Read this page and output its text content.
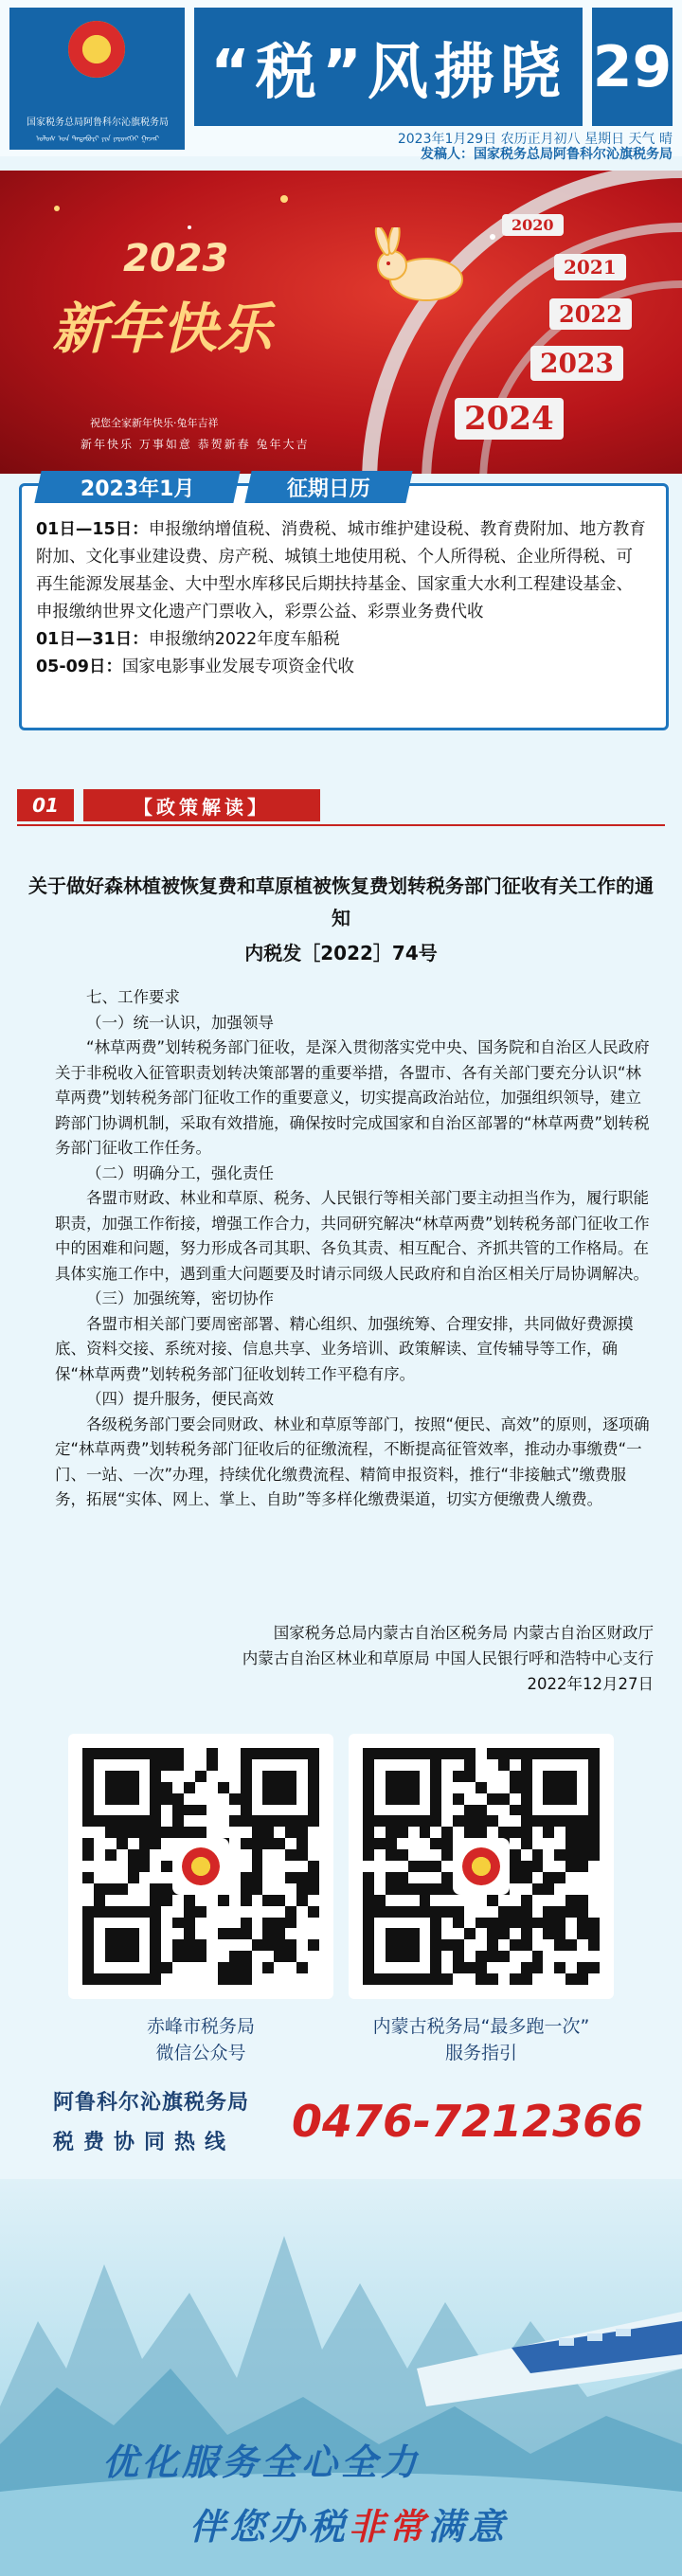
国家税务总局阿鲁科尔沁旗税务局
ᠤᠯᠤᠰ ᠤᠨ ᠲᠠᠲᠠᠪᠤᠷᠢ ᠶᠢᠨ ᠶᠡᠷᠦᠩᠬᠡᠢ ᠭᠠᠵᠠᠷ
“税”风拂晓 29
2023年1月29日 农历正月初八 星期日 天气 晴
发稿人：国家税务总局阿鲁科尔沁旗税务局
2020
2021
2022
2023
2024
2023
新年快乐
祝您全家新年快乐·兔年吉祥
新年快乐 万事如意 恭贺新春 兔年大吉
2023年1月	征期日历

01日—15日：申报缴纳增值税、消费税、城市维护建设税、教育费附加、地方教育附加、文化事业建设费、房产税、城镇土地使用税、个人所得税、企业所得税、可再生能源发展基金、大中型水库移民后期扶持基金、国家重大水利工程建设基金、申报缴纳世界文化遗产门票收入，彩票公益、彩票业务费代收

01日—31日：申报缴纳2022年度车船税

05-09日：国家电影事业发展专项资金代收

01	【政策解读】
关于做好森林植被恢复费和草原植被恢复费划转税务部门征收有关工作的通知
内税发［2022］74号

七、工作要求

（一）统一认识，加强领导

“林草两费”划转税务部门征收，是深入贯彻落实党中央、国务院和自治区人民政府关于非税收入征管职责划转决策部署的重要举措，各盟市、各有关部门要充分认识“林草两费”划转税务部门征收工作的重要意义，切实提高政治站位，加强组织领导，建立跨部门协调机制，采取有效措施，确保按时完成国家和自治区部署的“林草两费”划转税务部门征收工作任务。

（二）明确分工，强化责任

各盟市财政、林业和草原、税务、人民银行等相关部门要主动担当作为，履行职能职责，加强工作衔接，增强工作合力，共同研究解决“林草两费”划转税务部门征收工作中的困难和问题，努力形成各司其职、各负其责、相互配合、齐抓共管的工作格局。在具体实施工作中，遇到重大问题要及时请示同级人民政府和自治区相关厅局协调解决。

（三）加强统筹，密切协作

各盟市相关部门要周密部署、精心组织、加强统筹、合理安排，共同做好费源摸底、资料交接、系统对接、信息共享、业务培训、政策解读、宣传辅导等工作，确保“林草两费”划转税务部门征收划转工作平稳有序。

（四）提升服务，便民高效

各级税务部门要会同财政、林业和草原等部门，按照“便民、高效”的原则，逐项确定“林草两费”划转税务部门征收后的征缴流程，不断提高征管效率，推动办事缴费“一门、一站、一次”办理，持续优化缴费流程、精简申报资料，推行“非接触式”缴费服务，拓展“实体、网上、掌上、自助”等多样化缴费渠道，切实方便缴费人缴费。

国家税务总局内蒙古自治区税务局 内蒙古自治区财政厅
内蒙古自治区林业和草原局 中国人民银行呼和浩特中心支行
2022年12月27日
赤峰市税务局
微信公众号
内蒙古税务局“最多跑一次”
服务指引
阿鲁科尔沁旗税务局
税费协同热线 0476-7212366
优化服务全心全力
伴您办税非常满意
